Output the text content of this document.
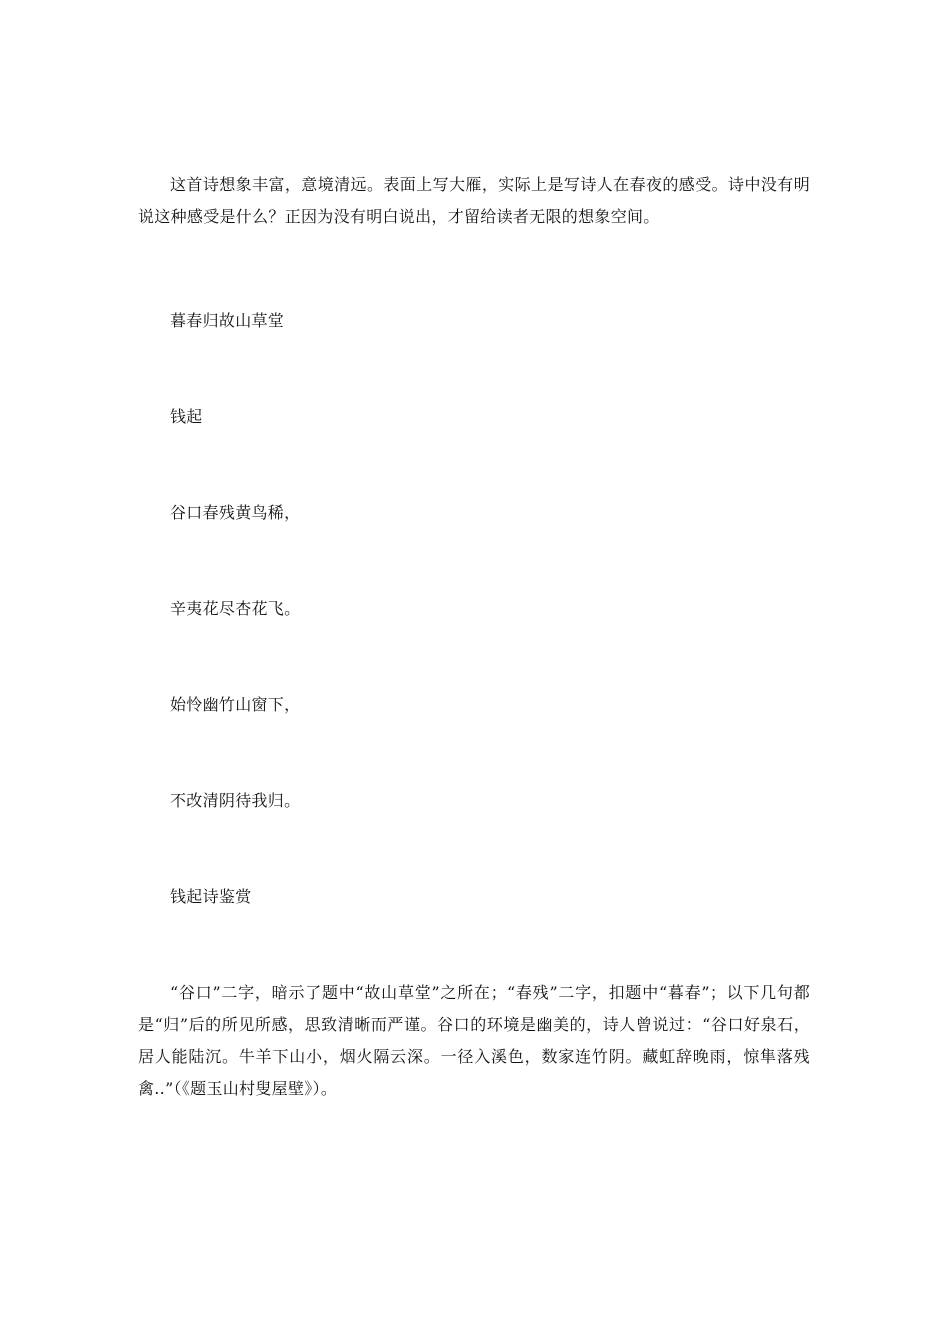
这首诗想象丰富，意境清远。表面上写大雁，实际上是写诗人在春夜的感受。诗中没有明说这种感受是什么？正因为没有明白说出，才留给读者无限的想象空间。

暮春归故山草堂

钱起

谷口春残黄鸟稀，

辛夷花尽杏花飞。

始怜幽竹山窗下，

不改清阴待我归。

钱起诗鉴赏

“谷口”二字，暗示了题中“故山草堂”之所在；“春残”二字，扣题中“暮春”；以下几句都是“归”后的所见所感，思致清晰而严谨。谷口的环境是幽美的，诗人曾说过：“谷口好泉石，居人能陆沉。牛羊下山小，烟火隔云深。一径入溪色，数家连竹阴。藏虹辞晚雨，惊隼落残禽..”（《题玉山村叟屋壁》）。
